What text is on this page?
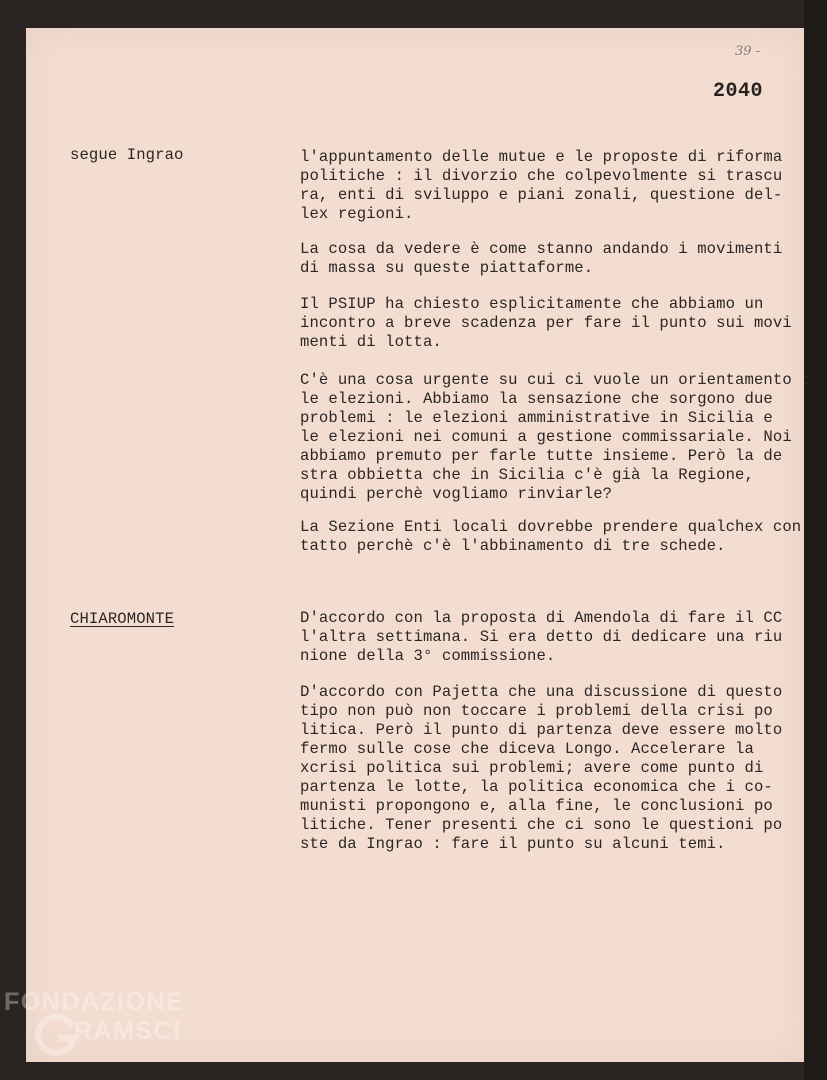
39 -
2040
segue Ingrao	l'appuntamento delle mutue e le proposte di riforma
politiche : il divorzio che colpevolmente si trascu
ra, enti di sviluppo e piani zonali, questione del-
lex regioni.
La cosa da vedere è come stanno andando i movimenti
di massa su queste piattaforme.
Il PSIUP ha chiesto esplicitamente che abbiamo un
incontro a breve scadenza per fare il punto sui movi
menti di lotta.
C'è una cosa urgente su cui ci vuole un orientamento :
le elezioni. Abbiamo la sensazione che sorgono due
problemi : le elezioni amministrative in Sicilia e
le elezioni nei comuni a gestione commissariale. Noi
abbiamo premuto per farle tutte insieme. Però la de
stra obbietta che in Sicilia c'è già la Regione,
quindi perchè vogliamo rinviarle?
La Sezione Enti locali dovrebbe prendere qualchex con
tatto perchè c'è l'abbinamento di tre schede.
CHIAROMONTE	D'accordo con la proposta di Amendola di fare il CC
l'altra settimana. Si era detto di dedicare una riu
nione della 3° commissione.
D'accordo con Pajetta che una discussione di questo
tipo non può non toccare i problemi della crisi po
litica. Però il punto di partenza deve essere molto
fermo sulle cose che diceva Longo. Accelerare la
xcrisi politica sui problemi; avere come punto di
partenza le lotte, la politica economica che i co-
munisti propongono e, alla fine, le conclusioni po
litiche. Tener presenti che ci sono le questioni po
ste da Ingrao : fare il punto su alcuni temi.
FONDAZIONE
RAMSCI
